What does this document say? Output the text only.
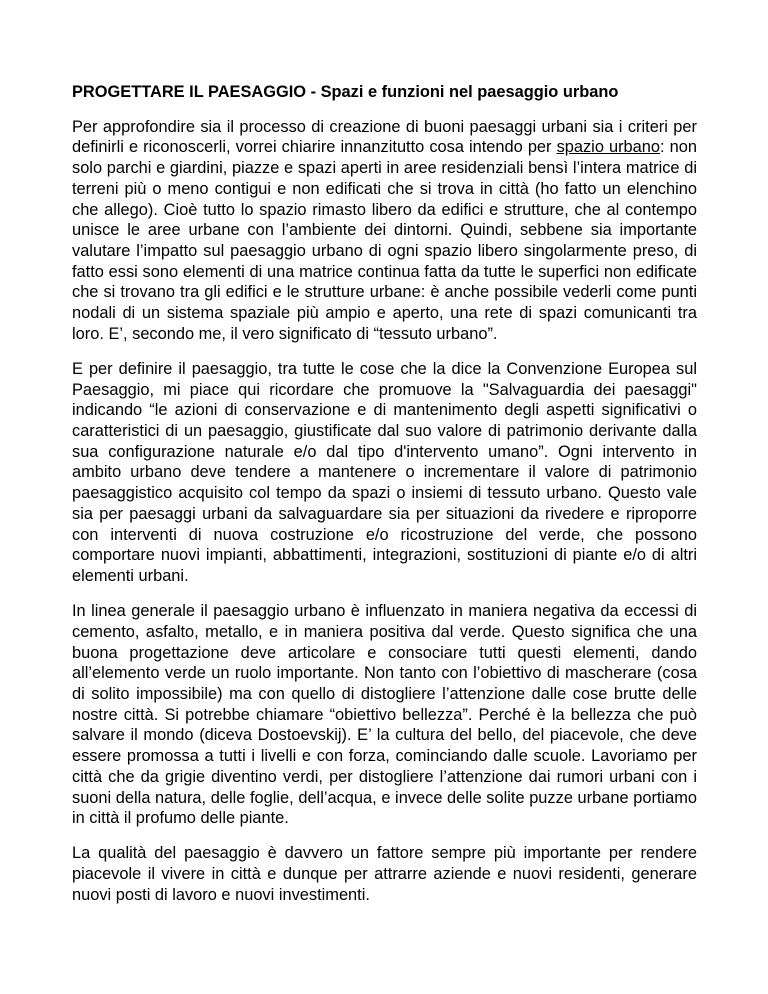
PROGETTARE IL PAESAGGIO - Spazi e funzioni nel paesaggio urbano

Per approfondire sia il processo di creazione di buoni paesaggi urbani sia i criteri per definirli e riconoscerli, vorrei chiarire innanzitutto cosa intendo per spazio urbano: non solo parchi e giardini, piazze e spazi aperti in aree residenziali bensì l’intera matrice di terreni più o meno contigui e non edificati che si trova in città (ho fatto un elenchino che allego). Cioè tutto lo spazio rimasto libero da edifici e strutture, che al contempo unisce le aree urbane con l’ambiente dei dintorni. Quindi, sebbene sia importante valutare l’impatto sul paesaggio urbano di ogni spazio libero singolarmente preso, di fatto essi sono elementi di una matrice continua fatta da tutte le superfici non edificate che si trovano tra gli edifici e le strutture urbane: è anche possibile vederli come punti nodali di un sistema spaziale più ampio e aperto, una rete di spazi comunicanti tra loro. E’, secondo me, il vero significato di “tessuto urbano”.

E per definire il paesaggio, tra tutte le cose che la dice la Convenzione Europea sul Paesaggio, mi piace qui ricordare che promuove la "Salvaguardia dei paesaggi" indicando “le azioni di conservazione e di mantenimento degli aspetti significativi o caratteristici di un paesaggio, giustificate dal suo valore di patrimonio derivante dalla sua configurazione naturale e/o dal tipo d'intervento umano”. Ogni intervento in ambito urbano deve tendere a mantenere o incrementare il valore di patrimonio paesaggistico acquisito col tempo da spazi o insiemi di tessuto urbano. Questo vale sia per paesaggi urbani da salvaguardare sia per situazioni da rivedere e riproporre con interventi di nuova costruzione e/o ricostruzione del verde, che possono comportare nuovi impianti, abbattimenti, integrazioni, sostituzioni di piante e/o di altri elementi urbani.

In linea generale il paesaggio urbano è influenzato in maniera negativa da eccessi di cemento, asfalto, metallo, e in maniera positiva dal verde. Questo significa che una buona progettazione deve articolare e consociare tutti questi elementi, dando all’elemento verde un ruolo importante. Non tanto con l’obiettivo di mascherare (cosa di solito impossibile) ma con quello di distogliere l’attenzione dalle cose brutte delle nostre città. Si potrebbe chiamare “obiettivo bellezza”. Perché è la bellezza che può salvare il mondo (diceva Dostoevskij). E’ la cultura del bello, del piacevole, che deve essere promossa a tutti i livelli e con forza, cominciando dalle scuole. Lavoriamo per città che da grigie diventino verdi, per distogliere l’attenzione dai rumori urbani con i suoni della natura, delle foglie, dell’acqua, e invece delle solite puzze urbane portiamo in città il profumo delle piante.

La qualità del paesaggio è davvero un fattore sempre più importante per rendere piacevole il vivere in città e dunque per attrarre aziende e nuovi residenti, generare nuovi posti di lavoro e nuovi investimenti.
